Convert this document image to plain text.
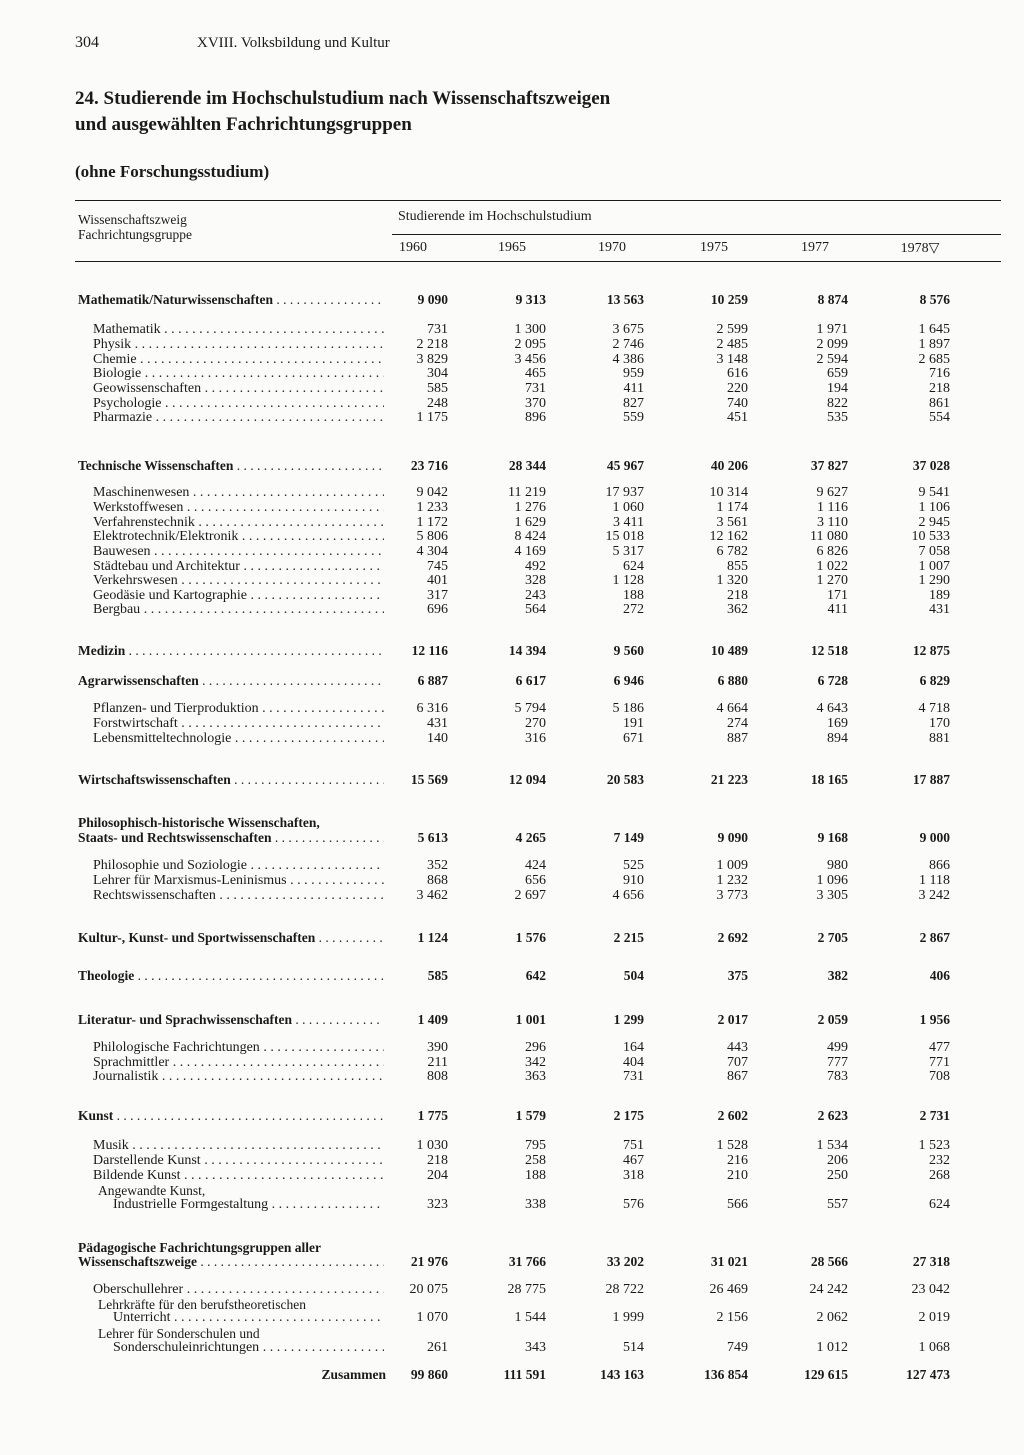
304	XVIII. Volksbildung und Kultur
24. Studierende im Hochschulstudium nach Wissenschaftszweigen
und ausgewählten Fachrichtungsgruppen
(ohne Forschungsstudium)
Wissenschaftszweig
Fachrichtungsgruppe
Studierende im Hochschulstudium
1960	1965	1970	1975	1977	1978▽
Mathematik/Naturwissenschaften . . .	9 090	9 313	13 563	10 259	8 874	8 576
Mathematik . . .	731	1 300	3 675	2 599	1 971	1 645
Physik . . .	2 218	2 095	2 746	2 485	2 099	1 897
Chemie . . .	3 829	3 456	4 386	3 148	2 594	2 685
Biologie . . .	304	465	959	616	659	716
Geowissenschaften . . .	585	731	411	220	194	218
Psychologie . . .	248	370	827	740	822	861
Pharmazie . . .	1 175	896	559	451	535	554
Technische Wissenschaften . . .	23 716	28 344	45 967	40 206	37 827	37 028
Maschinenwesen . . .	9 042	11 219	17 937	10 314	9 627	9 541
Werkstoffwesen . . .	1 233	1 276	1 060	1 174	1 116	1 106
Verfahrenstechnik . . .	1 172	1 629	3 411	3 561	3 110	2 945
Elektrotechnik/Elektronik . . .	5 806	8 424	15 018	12 162	11 080	10 533
Bauwesen . . .	4 304	4 169	5 317	6 782	6 826	7 058
Städtebau und Architektur . . .	745	492	624	855	1 022	1 007
Verkehrswesen . . .	401	328	1 128	1 320	1 270	1 290
Geodäsie und Kartographie . . .	317	243	188	218	171	189
Bergbau . . .	696	564	272	362	411	431
Medizin . . .	12 116	14 394	9 560	10 489	12 518	12 875
Agrarwissenschaften . . .	6 887	6 617	6 946	6 880	6 728	6 829
Pflanzen- und Tierproduktion . . .	6 316	5 794	5 186	4 664	4 643	4 718
Forstwirtschaft . . .	431	270	191	274	169	170
Lebensmitteltechnologie . . .	140	316	671	887	894	881
Wirtschaftswissenschaften . . .	15 569	12 094	20 583	21 223	18 165	17 887
Philosophisch-historische Wissenschaften,
Staats- und Rechtswissenschaften . . .	5 613	4 265	7 149	9 090	9 168	9 000
Philosophie und Soziologie . . .	352	424	525	1 009	980	866
Lehrer für Marxismus-Leninismus . . .	868	656	910	1 232	1 096	1 118
Rechtswissenschaften . . .	3 462	2 697	4 656	3 773	3 305	3 242
Kultur-, Kunst- und Sportwissenschaften . . .	1 124	1 576	2 215	2 692	2 705	2 867
Theologie . . .	585	642	504	375	382	406
Literatur- und Sprachwissenschaften . . .	1 409	1 001	1 299	2 017	2 059	1 956
Philologische Fachrichtungen . . .	390	296	164	443	499	477
Sprachmittler . . .	211	342	404	707	777	771
Journalistik . . .	808	363	731	867	783	708
Kunst . . .	1 775	1 579	2 175	2 602	2 623	2 731
Musik . . .	1 030	795	751	1 528	1 534	1 523
Darstellende Kunst . . .	218	258	467	216	206	232
Bildende Kunst . . .	204	188	318	210	250	268
Angewandte Kunst,
Industrielle Formgestaltung . . .	323	338	576	566	557	624
Pädagogische Fachrichtungsgruppen aller
Wissenschaftszweige . . .	21 976	31 766	33 202	31 021	28 566	27 318
Oberschullehrer . . .	20 075	28 775	28 722	26 469	24 242	23 042
Lehrkräfte für den berufstheoretischen
Unterricht . . .	1 070	1 544	1 999	2 156	2 062	2 019
Lehrer für Sonderschulen und
Sonderschuleinrichtungen . . .	261	343	514	749	1 012	1 068
Zusammen	99 860	111 591	143 163	136 854	129 615	127 473
